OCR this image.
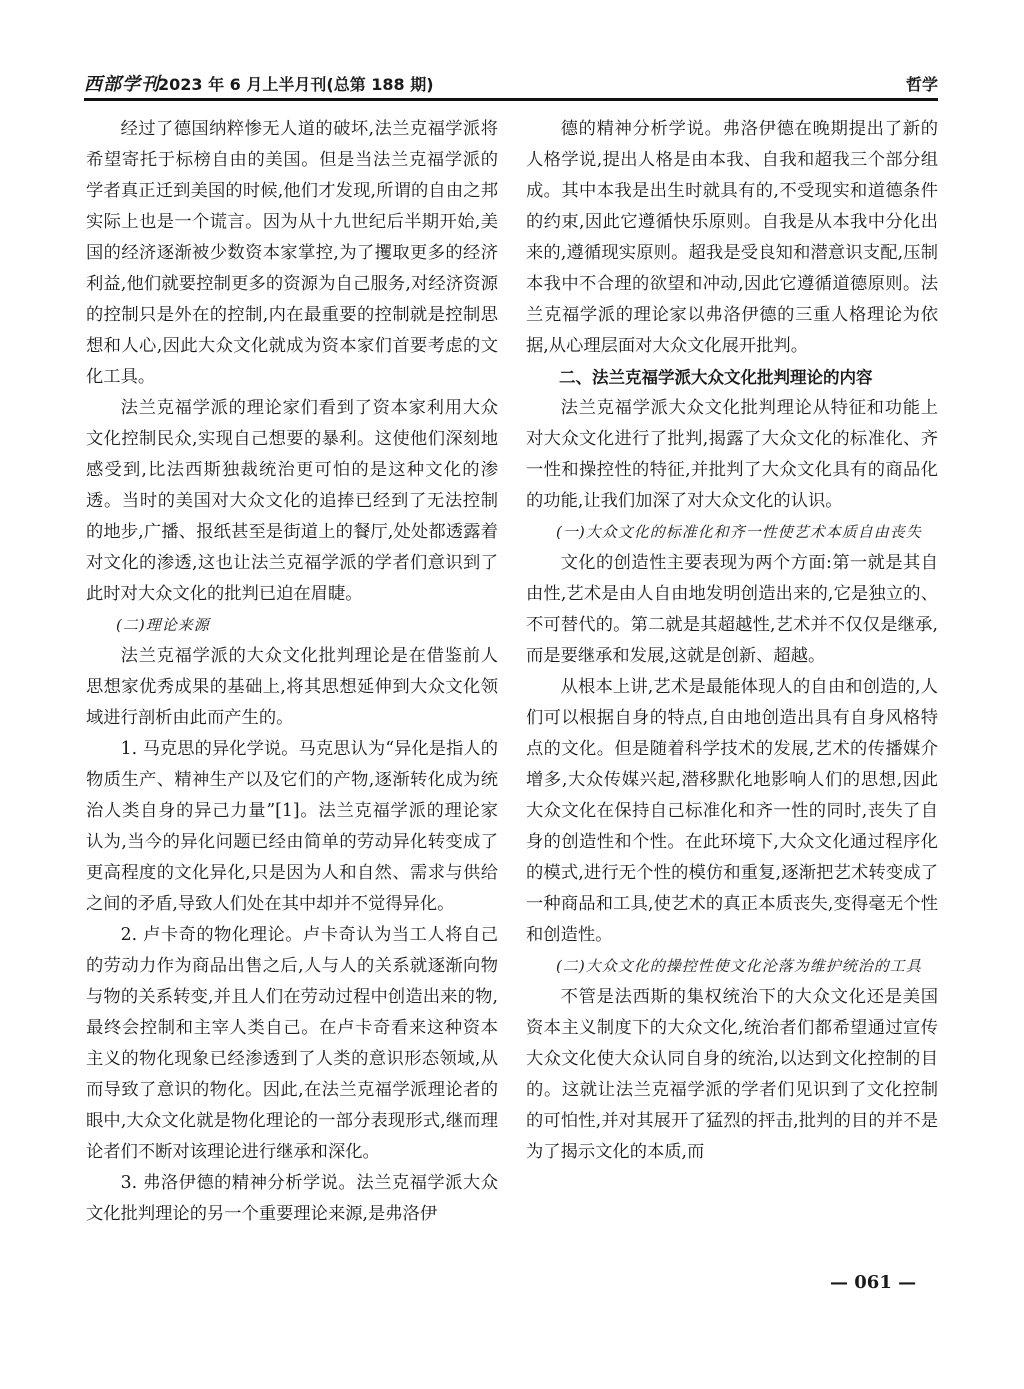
西部学刊
2023 年 6 月上半月刊(总第 188 期)	哲学

经过了德国纳粹惨无人道的破坏,法兰克福学派将希望寄托于标榜自由的美国。但是当法兰克福学派的学者真正迁到美国的时候,他们才发现,所谓的自由之邦实际上也是一个谎言。因为从十九世纪后半期开始,美国的经济逐渐被少数资本家掌控,为了攫取更多的经济利益,他们就要控制更多的资源为自己服务,对经济资源的控制只是外在的控制,内在最重要的控制就是控制思想和人心,因此大众文化就成为资本家们首要考虑的文化工具。

法兰克福学派的理论家们看到了资本家利用大众文化控制民众,实现自己想要的暴利。这使他们深刻地感受到,比法西斯独裁统治更可怕的是这种文化的渗透。当时的美国对大众文化的追捧已经到了无法控制的地步,广播、报纸甚至是街道上的餐厅,处处都透露着对文化的渗透,这也让法兰克福学派的学者们意识到了此时对大众文化的批判已迫在眉睫。

(二)理论来源

法兰克福学派的大众文化批判理论是在借鉴前人思想家优秀成果的基础上,将其思想延伸到大众文化领域进行剖析由此而产生的。

1. 马克思的异化学说。马克思认为“异化是指人的物质生产、精神生产以及它们的产物,逐渐转化成为统治人类自身的异己力量”[1]。法兰克福学派的理论家认为,当今的异化问题已经由简单的劳动异化转变成了更高程度的文化异化,只是因为人和自然、需求与供给之间的矛盾,导致人们处在其中却并不觉得异化。

2. 卢卡奇的物化理论。卢卡奇认为当工人将自己的劳动力作为商品出售之后,人与人的关系就逐渐向物与物的关系转变,并且人们在劳动过程中创造出来的物,最终会控制和主宰人类自己。在卢卡奇看来这种资本主义的物化现象已经渗透到了人类的意识形态领域,从而导致了意识的物化。因此,在法兰克福学派理论者的眼中,大众文化就是物化理论的一部分表现形式,继而理论者们不断对该理论进行继承和深化。

3. 弗洛伊德的精神分析学说。法兰克福学派大众文化批判理论的另一个重要理论来源,是弗洛伊

德的精神分析学说。弗洛伊德在晚期提出了新的人格学说,提出人格是由本我、自我和超我三个部分组成。其中本我是出生时就具有的,不受现实和道德条件的约束,因此它遵循快乐原则。自我是从本我中分化出来的,遵循现实原则。超我是受良知和潜意识支配,压制本我中不合理的欲望和冲动,因此它遵循道德原则。法兰克福学派的理论家以弗洛伊德的三重人格理论为依据,从心理层面对大众文化展开批判。

二、法兰克福学派大众文化批判理论的内容

法兰克福学派大众文化批判理论从特征和功能上对大众文化进行了批判,揭露了大众文化的标准化、齐一性和操控性的特征,并批判了大众文化具有的商品化的功能,让我们加深了对大众文化的认识。

(一)大众文化的标准化和齐一性使艺术本质自由丧失

文化的创造性主要表现为两个方面:第一就是其自由性,艺术是由人自由地发明创造出来的,它是独立的、不可替代的。第二就是其超越性,艺术并不仅仅是继承,而是要继承和发展,这就是创新、超越。

从根本上讲,艺术是最能体现人的自由和创造的,人们可以根据自身的特点,自由地创造出具有自身风格特点的文化。但是随着科学技术的发展,艺术的传播媒介增多,大众传媒兴起,潜移默化地影响人们的思想,因此大众文化在保持自己标准化和齐一性的同时,丧失了自身的创造性和个性。在此环境下,大众文化通过程序化的模式,进行无个性的模仿和重复,逐渐把艺术转变成了一种商品和工具,使艺术的真正本质丧失,变得毫无个性和创造性。

(二)大众文化的操控性使文化沦落为维护统治的工具

不管是法西斯的集权统治下的大众文化还是美国资本主义制度下的大众文化,统治者们都希望通过宣传大众文化使大众认同自身的统治,以达到文化控制的目的。这就让法兰克福学派的学者们见识到了文化控制的可怕性,并对其展开了猛烈的抨击,批判的目的并不是为了揭示文化的本质,而

— 061 —
